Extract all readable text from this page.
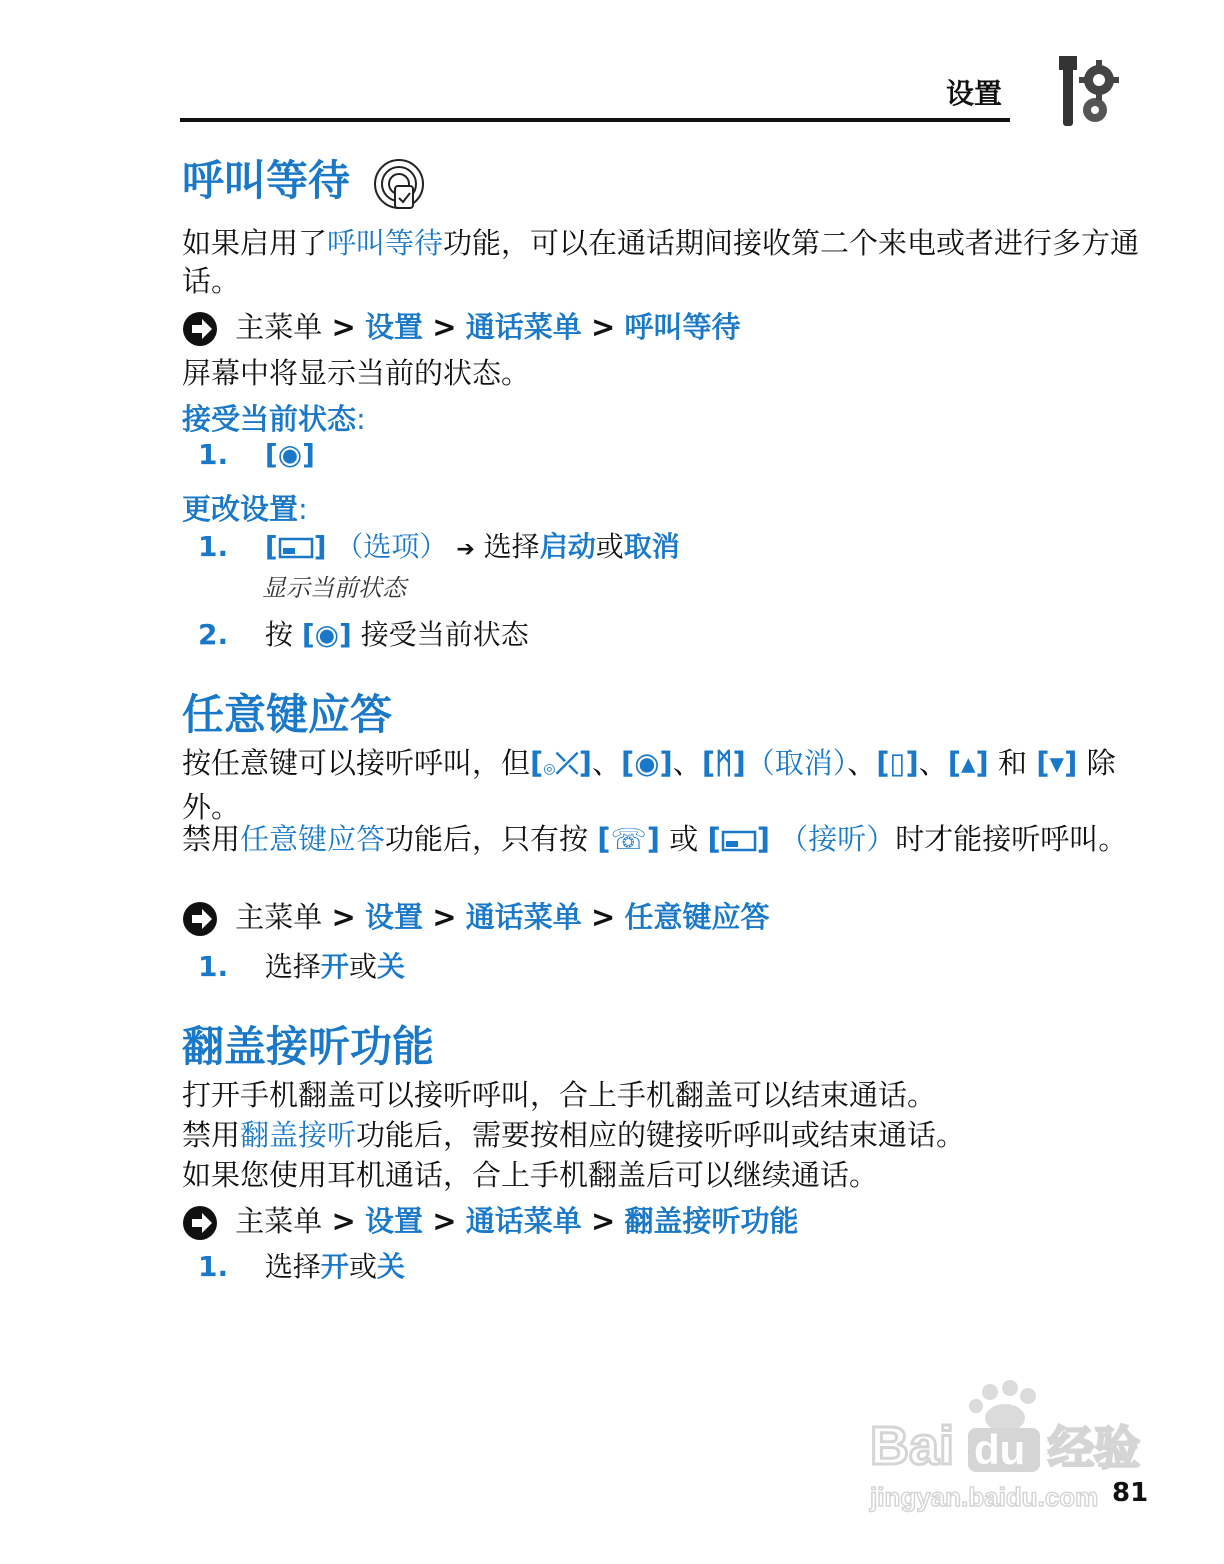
设置
呼叫等待

如果启用了呼叫等待功能，可以在通话期间接收第二个来电或者进行多方通话。

主菜单 > 设置 > 通话菜单 > 呼叫等待

屏幕中将显示当前的状态。

接受当前状态:
1. [◉]
更改设置:
1. [ ] （选项） ➔ 选择启动或取消
显示当前状态
2. 按 [◉] 接受当前状态
任意键应答

按任意键可以接听呼叫，但[◎⤫]、[◉]、[ᛗ]（取消）、[▯]、[▴] 和 [▾] 除外。

禁用任意键应答功能后，只有按 [☏] 或 [ ] （接听）时才能接听呼叫。

主菜单 > 设置 > 通话菜单 > 任意键应答
1. 选择开或关
翻盖接听功能

打开手机翻盖可以接听呼叫，合上手机翻盖可以结束通话。

禁用翻盖接听功能后，需要按相应的键接听呼叫或结束通话。

如果您使用耳机通话，合上手机翻盖后可以继续通话。

主菜单 > 设置 > 通话菜单 > 翻盖接听功能
1. 选择开或关
Bai du 经验
jingyan.baidu.com 81
